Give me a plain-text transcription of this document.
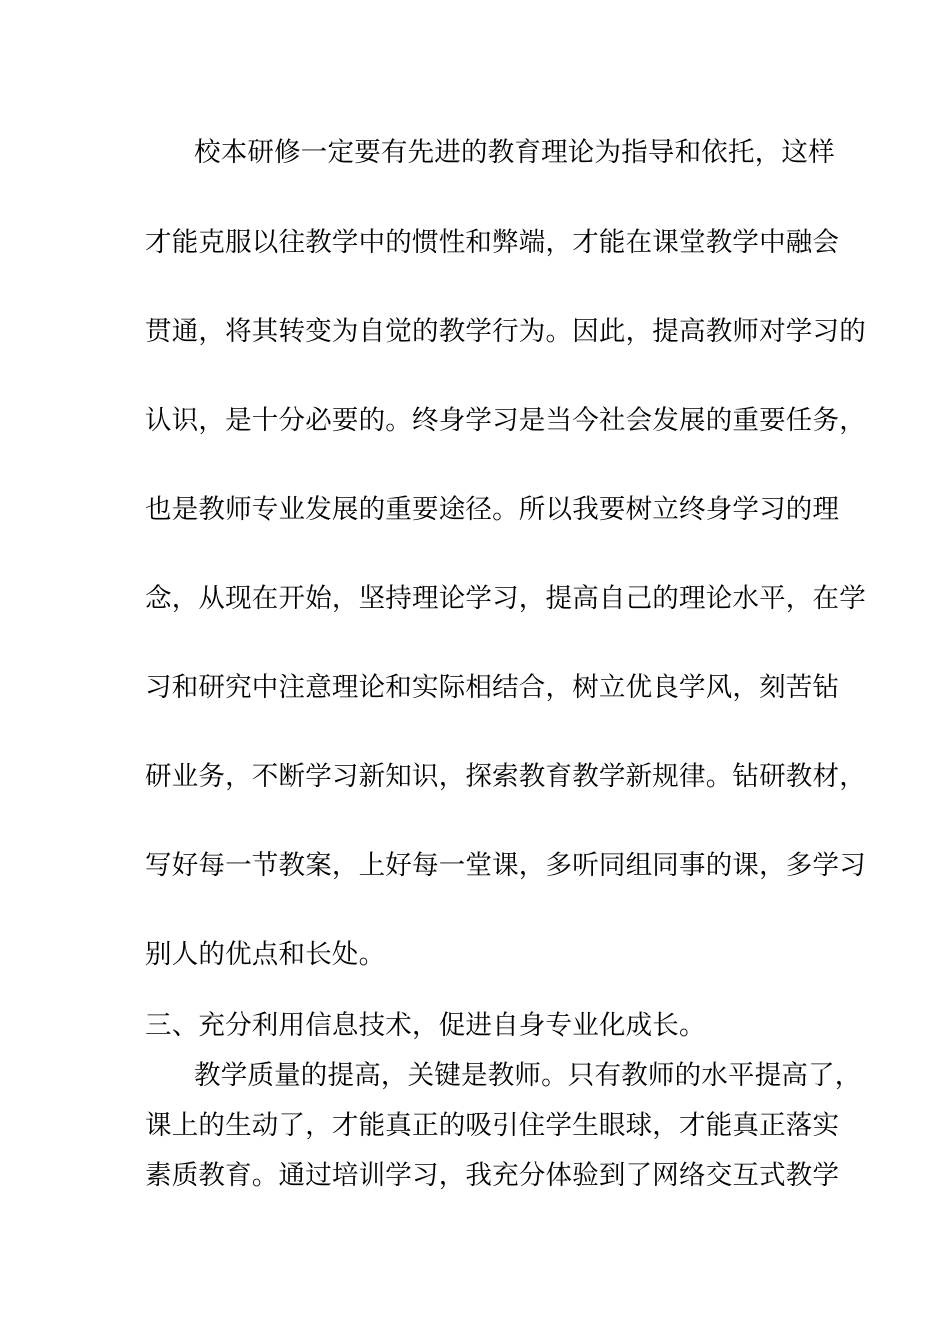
校本研修一定要有先进的教育理论为指导和依托，这样
才能克服以往教学中的惯性和弊端，才能在课堂教学中融会
贯通，将其转变为自觉的教学行为。因此，提高教师对学习的
认识，是十分必要的。终身学习是当今社会发展的重要任务，
也是教师专业发展的重要途径。所以我要树立终身学习的理
念，从现在开始，坚持理论学习，提高自己的理论水平，在学
习和研究中注意理论和实际相结合，树立优良学风，刻苦钻
研业务，不断学习新知识，探索教育教学新规律。钻研教材，
写好每一节教案，上好每一堂课，多听同组同事的课，多学习
别人的优点和长处。
三、充分利用信息技术，促进自身专业化成长。
教学质量的提高，关键是教师。只有教师的水平提高了，
课上的生动了，才能真正的吸引住学生眼球，才能真正落实
素质教育。通过培训学习，我充分体验到了网络交互式教学
